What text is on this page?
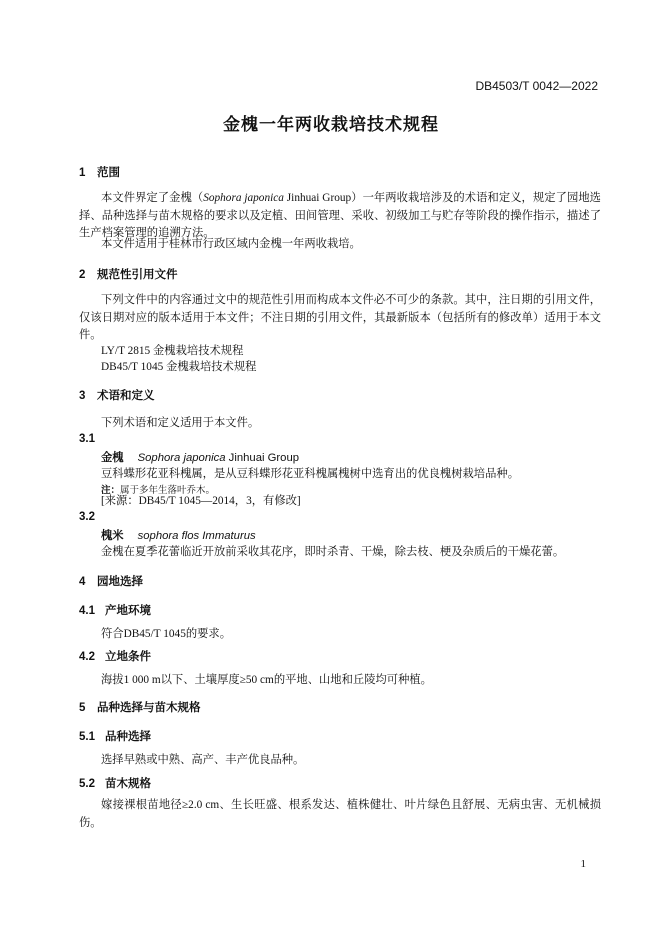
DB4503/T 0042—2022
金槐一年两收栽培技术规程
1 范围
本文件界定了金槐（Sophora japonica Jinhuai Group）一年两收栽培涉及的术语和定义，规定了园地选择、品种选择与苗木规格的要求以及定植、田间管理、采收、初级加工与贮存等阶段的操作指示，描述了生产档案管理的追溯方法。
本文件适用于桂林市行政区域内金槐一年两收栽培。
2 规范性引用文件
下列文件中的内容通过文中的规范性引用而构成本文件必不可少的条款。其中，注日期的引用文件，仅该日期对应的版本适用于本文件；不注日期的引用文件，其最新版本（包括所有的修改单）适用于本文件。
LY/T 2815 金槐栽培技术规程
DB45/T 1045 金槐栽培技术规程
3 术语和定义
下列术语和定义适用于本文件。
3.1
金槐 Sophora japonica Jinhuai Group
豆科蝶形花亚科槐属，是从豆科蝶形花亚科槐属槐树中选育出的优良槐树栽培品种。
注：属于多年生落叶乔木。
[来源：DB45/T 1045—2014，3，有修改]
3.2
槐米 sophora flos Immaturus
金槐在夏季花蕾临近开放前采收其花序，即时杀青、干燥，除去枝、梗及杂质后的干燥花蕾。
4 园地选择
4.1 产地环境
符合DB45/T 1045的要求。
4.2 立地条件
海拔1 000 m以下、土壤厚度≥50 cm的平地、山地和丘陵均可种植。
5 品种选择与苗木规格
5.1 品种选择
选择早熟或中熟、高产、丰产优良品种。
5.2 苗木规格
嫁接裸根苗地径≥2.0 cm、生长旺盛、根系发达、植株健壮、叶片绿色且舒展、无病虫害、无机械损伤。
1
